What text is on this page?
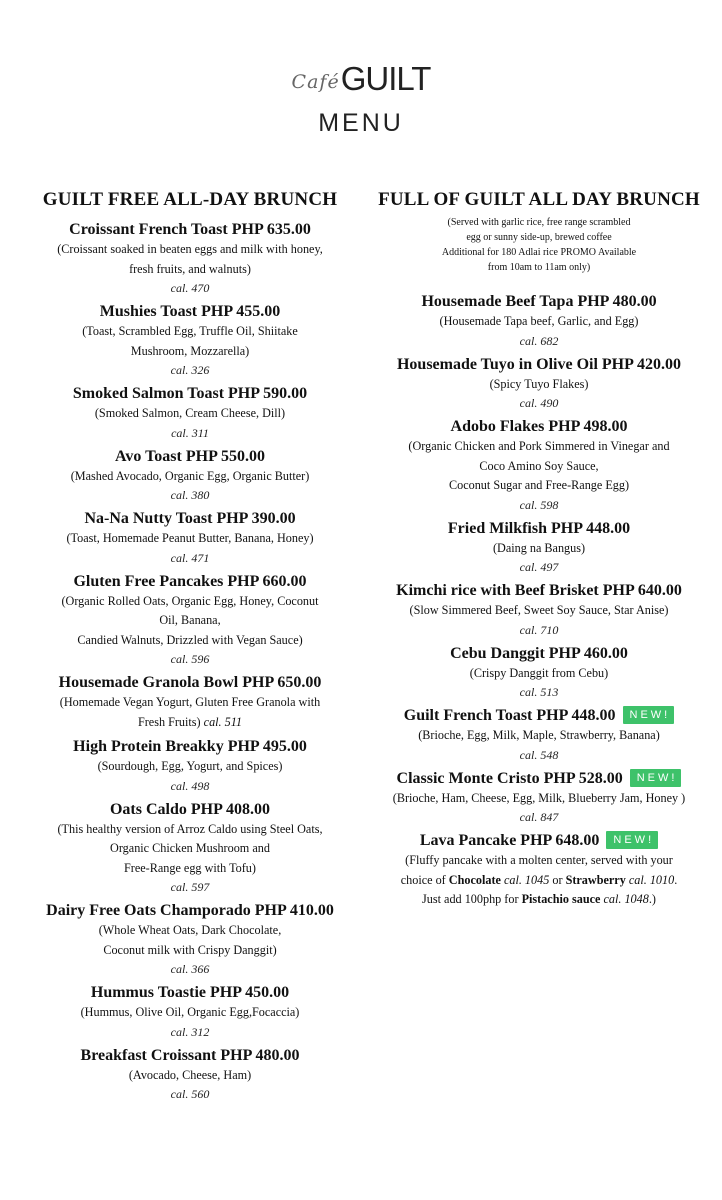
CaféGUILT
MENU
GUILT FREE ALL-DAY BRUNCH
Croissant French Toast PHP 635.00
(Croissant soaked in beaten eggs and milk with honey,
fresh fruits, and walnuts)
cal. 470
Mushies Toast PHP 455.00
(Toast, Scrambled Egg, Truffle Oil, Shiitake
Mushroom, Mozzarella)
cal. 326
Smoked Salmon Toast PHP 590.00
(Smoked Salmon, Cream Cheese, Dill)
cal. 311
Avo Toast PHP 550.00
(Mashed Avocado, Organic Egg, Organic Butter)
cal. 380
Na-Na Nutty Toast PHP 390.00
(Toast, Homemade Peanut Butter, Banana, Honey)
cal. 471
Gluten Free Pancakes PHP 660.00
(Organic Rolled Oats, Organic Egg, Honey, Coconut
Oil, Banana,
Candied Walnuts, Drizzled with Vegan Sauce)
cal. 596
Housemade Granola Bowl PHP 650.00
(Homemade Vegan Yogurt, Gluten Free Granola with
Fresh Fruits) cal. 511
High Protein Breakky PHP 495.00
(Sourdough, Egg, Yogurt, and Spices)
cal. 498
Oats Caldo PHP 408.00
(This healthy version of Arroz Caldo using Steel Oats,
Organic Chicken Mushroom and
Free-Range egg with Tofu)
cal. 597
Dairy Free Oats Champorado PHP 410.00
(Whole Wheat Oats, Dark Chocolate,
Coconut milk with Crispy Danggit)
cal. 366
Hummus Toastie PHP 450.00
(Hummus, Olive Oil, Organic Egg,Focaccia)
cal. 312
Breakfast Croissant PHP 480.00
(Avocado, Cheese, Ham)
cal. 560
FULL OF GUILT ALL DAY BRUNCH
(Served with garlic rice, free range scrambled
egg or sunny side-up, brewed coffee
Additional for 180 Adlai rice PROMO Available
from 10am to 11am only)
Housemade Beef Tapa PHP 480.00
(Housemade Tapa beef, Garlic, and Egg)
cal. 682
Housemade Tuyo in Olive Oil PHP 420.00
(Spicy Tuyo Flakes)
cal. 490
Adobo Flakes PHP 498.00
(Organic Chicken and Pork Simmered in Vinegar and
Coco Amino Soy Sauce,
Coconut Sugar and Free-Range Egg)
cal. 598
Fried Milkfish PHP 448.00
(Daing na Bangus)
cal. 497
Kimchi rice with Beef Brisket PHP 640.00
(Slow Simmered Beef, Sweet Soy Sauce, Star Anise)
cal. 710
Cebu Danggit PHP 460.00
(Crispy Danggit from Cebu)
cal. 513
Guilt French Toast PHP 448.00 NEW!
(Brioche, Egg, Milk, Maple, Strawberry, Banana)
cal. 548
Classic Monte Cristo PHP 528.00 NEW!
(Brioche, Ham, Cheese, Egg, Milk, Blueberry Jam, Honey )
cal. 847
Lava Pancake PHP 648.00 NEW!
(Fluffy pancake with a molten center, served with your
choice of Chocolate cal. 1045 or Strawberry cal. 1010.
Just add 100php for Pistachio sauce cal. 1048.)
